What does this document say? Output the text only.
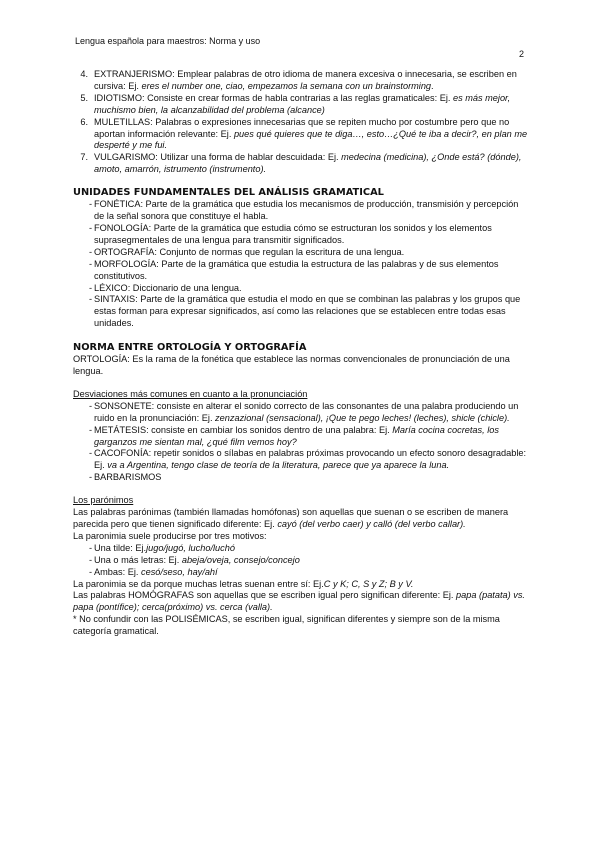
Lengua española para maestros: Norma y uso
2
4. EXTRANJERISMO: Emplear palabras de otro idioma de manera excesiva o innecesaria, se escriben en cursiva: Ej. eres el number one, ciao, empezamos la semana con un brainstorming.
5. IDIOTISMO: Consiste en crear formas de habla contrarias a las reglas gramaticales: Ej. es más mejor, muchismo bien, la alcanzabilidad del problema (alcance)
6. MULETILLAS: Palabras o expresiones innecesarias que se repiten mucho por costumbre pero que no aportan información relevante: Ej. pues qué quieres que te diga…, esto…¿Qué te iba a decir?, en plan me desperté y me fui.
7. VULGARISMO: Utilizar una forma de hablar descuidada: Ej. medecina (medicina), ¿Onde está? (dónde), amoto, amarrón, istrumento (instrumento).

UNIDADES FUNDAMENTALES DEL ANÁLISIS GRAMATICAL

- FONÉTICA: Parte de la gramática que estudia los mecanismos de producción, transmisión y percepción de la señal sonora que constituye el habla.
- FONOLOGÍA: Parte de la gramática que estudia cómo se estructuran los sonidos y los elementos suprasegmentales de una lengua para transmitir significados.
- ORTOGRAFÍA: Conjunto de normas que regulan la escritura de una lengua.
- MORFOLOGÍA: Parte de la gramática que estudia la estructura de las palabras y de sus elementos constitutivos.
- LÉXICO: Diccionario de una lengua.
- SINTAXIS: Parte de la gramática que estudia el modo en que se combinan las palabras y los grupos que estas forman para expresar significados, así como las relaciones que se establecen entre todas esas unidades.

NORMA ENTRE ORTOLOGÍA Y ORTOGRAFÍA

ORTOLOGÍA: Es la rama de la fonética que establece las normas convencionales de pronunciación de una lengua.

Desviaciones más comunes en cuanto a la pronunciación

- SONSONETE: consiste en alterar el sonido correcto de las consonantes de una palabra produciendo un ruido en la pronunciación: Ej. zenzazional (sensacional), ¡Que te pego leches! (leches), shicle (chicle).
- METÁTESIS: consiste en cambiar los sonidos dentro de una palabra: Ej. María cocina cocretas, los garganzos me sientan mal, ¿qué film vemos hoy?
- CACOFONÍA: repetir sonidos o sílabas en palabras próximas provocando un efecto sonoro desagradable: Ej. va a Argentina, tengo clase de teoría de la literatura, parece que ya aparece la luna.
- BARBARISMOS

Los parónimos

Las palabras parónimas (también llamadas homófonas) son aquellas que suenan o se escriben de manera parecida pero que tienen significado diferente: Ej. cayó (del verbo caer) y calló (del verbo callar).

La paronimia suele producirse por tres motivos:

- Una tilde: Ej.jugo/jugó, lucho/luchó
- Una o más letras: Ej. abeja/oveja, consejo/concejo
- Ambas: Ej. cesó/seso, hay/ahí

La paronimia se da porque muchas letras suenan entre sí: Ej.C y K; C, S y Z; B y V.

Las palabras HOMÓGRAFAS son aquellas que se escriben igual pero significan diferente: Ej. papa (patata) vs. papa (pontífice); cerca(próximo) vs. cerca (valla).

* No confundir con las POLISÉMICAS, se escriben igual, significan diferentes y siempre son de la misma categoría gramatical.
